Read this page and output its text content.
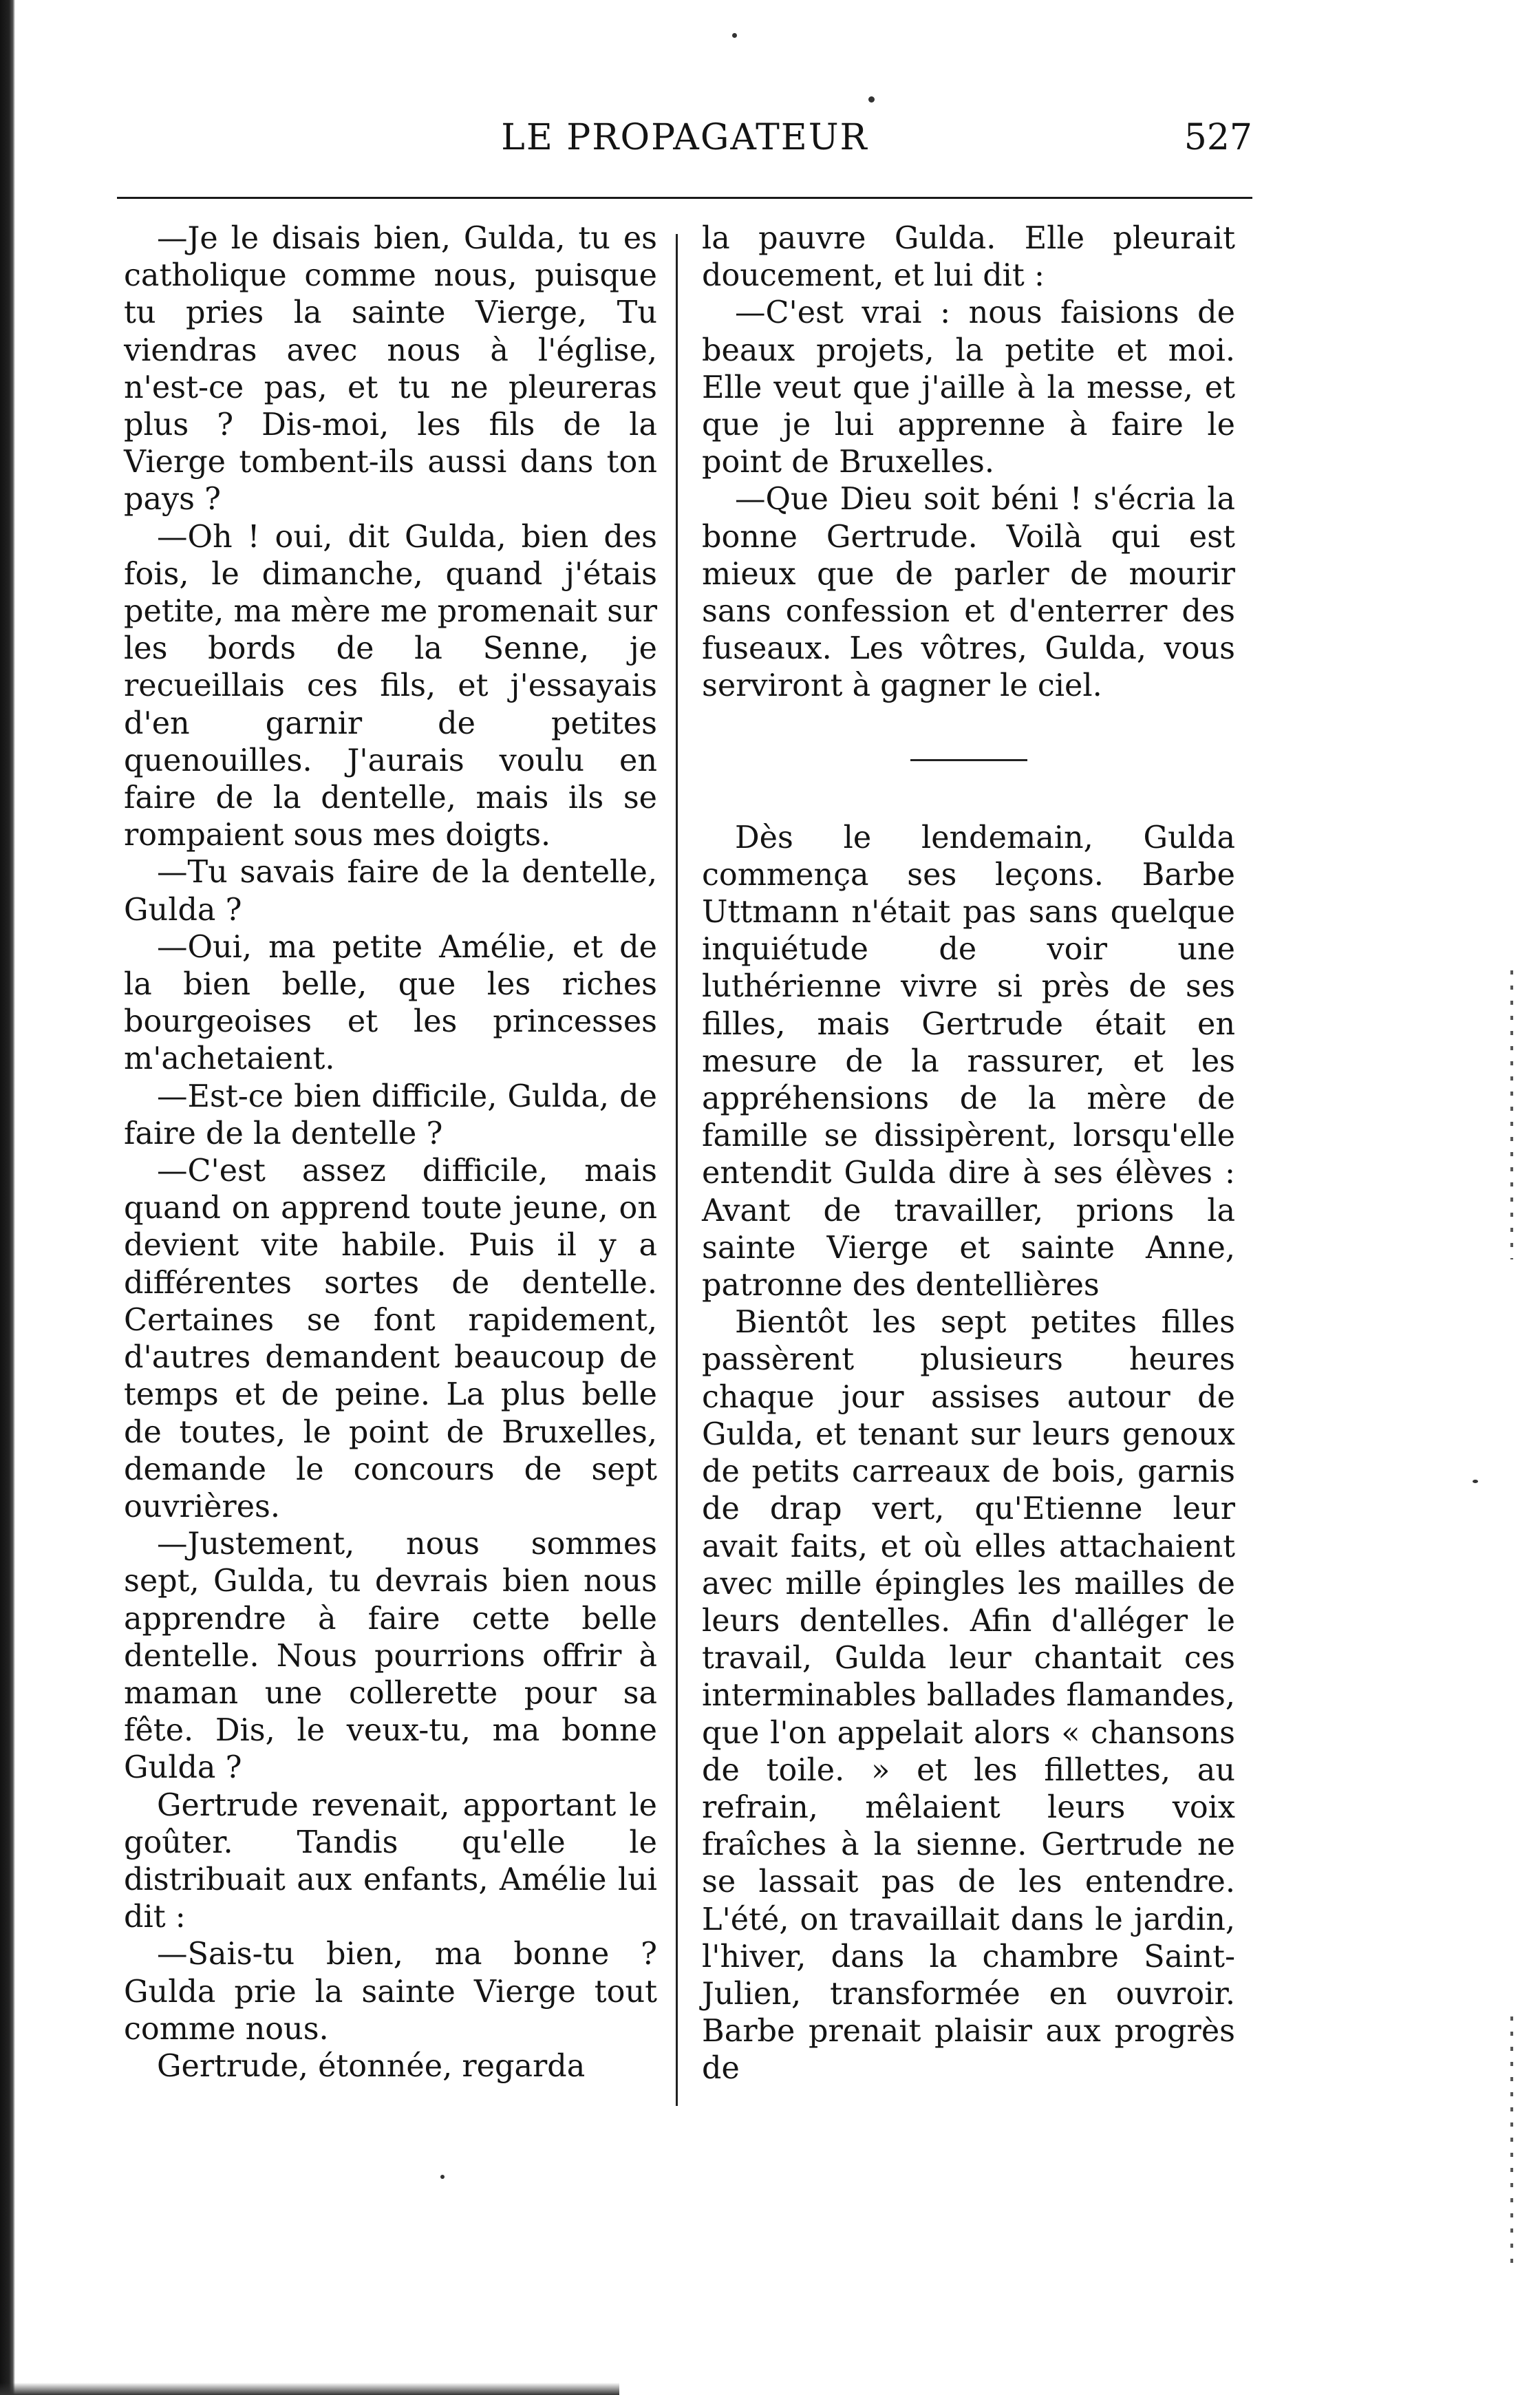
LE PROPAGATEUR	527

—Je le disais bien, Gulda, tu es catholique comme nous, puisque tu pries la sainte Vierge, Tu viendras avec nous à l'église, n'est-ce pas, et tu ne pleureras plus ? Dis-moi, les fils de la Vierge tombent-ils aussi dans ton pays ?

—Oh ! oui, dit Gulda, bien des fois, le dimanche, quand j'étais petite, ma mère me promenait sur les bords de la Senne, je recueillais ces fils, et j'essayais d'en garnir de petites quenouilles. J'aurais voulu en faire de la dentelle, mais ils se rompaient sous mes doigts.

—Tu savais faire de la dentelle, Gulda ?

—Oui, ma petite Amélie, et de la bien belle, que les riches bourgeoises et les princesses m'achetaient.

—Est-ce bien difficile, Gulda, de faire de la dentelle ?

—C'est assez difficile, mais quand on apprend toute jeune, on devient vite habile. Puis il y a différentes sortes de dentelle. Certaines se font rapidement, d'autres demandent beaucoup de temps et de peine. La plus belle de toutes, le point de Bruxelles, demande le concours de sept ouvrières.

—Justement, nous sommes sept, Gulda, tu devrais bien nous apprendre à faire cette belle dentelle. Nous pourrions offrir à maman une collerette pour sa fête. Dis, le veux-tu, ma bonne Gulda ?

Gertrude revenait, apportant le goûter. Tandis qu'elle le distribuait aux enfants, Amélie lui dit :

—Sais-tu bien, ma bonne ? Gulda prie la sainte Vierge tout comme nous.

Gertrude, étonnée, regarda

la pauvre Gulda. Elle pleurait doucement, et lui dit :

—C'est vrai : nous faisions de beaux projets, la petite et moi. Elle veut que j'aille à la messe, et que je lui apprenne à faire le point de Bruxelles.

—Que Dieu soit béni ! s'écria la bonne Gertrude. Voilà qui est mieux que de parler de mourir sans confession et d'enterrer des fuseaux. Les vôtres, Gulda, vous serviront à gagner le ciel.

Dès le lendemain, Gulda commença ses leçons. Barbe Uttmann n'était pas sans quelque inquiétude de voir une luthérienne vivre si près de ses filles, mais Gertrude était en mesure de la rassurer, et les appréhensions de la mère de famille se dissipèrent, lorsqu'elle entendit Gulda dire à ses élèves : Avant de travailler, prions la sainte Vierge et sainte Anne, patronne des dentellières

Bientôt les sept petites filles passèrent plusieurs heures chaque jour assises autour de Gulda, et tenant sur leurs genoux de petits carreaux de bois, garnis de drap vert, qu'Etienne leur avait faits, et où elles attachaient avec mille épingles les mailles de leurs dentelles. Afin d'alléger le travail, Gulda leur chantait ces interminables ballades flamandes, que l'on appelait alors « chansons de toile. » et les fillettes, au refrain, mêlaient leurs voix fraîches à la sienne. Gertrude ne se lassait pas de les entendre. L'été, on travaillait dans le jardin, l'hiver, dans la chambre Saint-Julien, transformée en ouvroir. Barbe prenait plaisir aux progrès de
